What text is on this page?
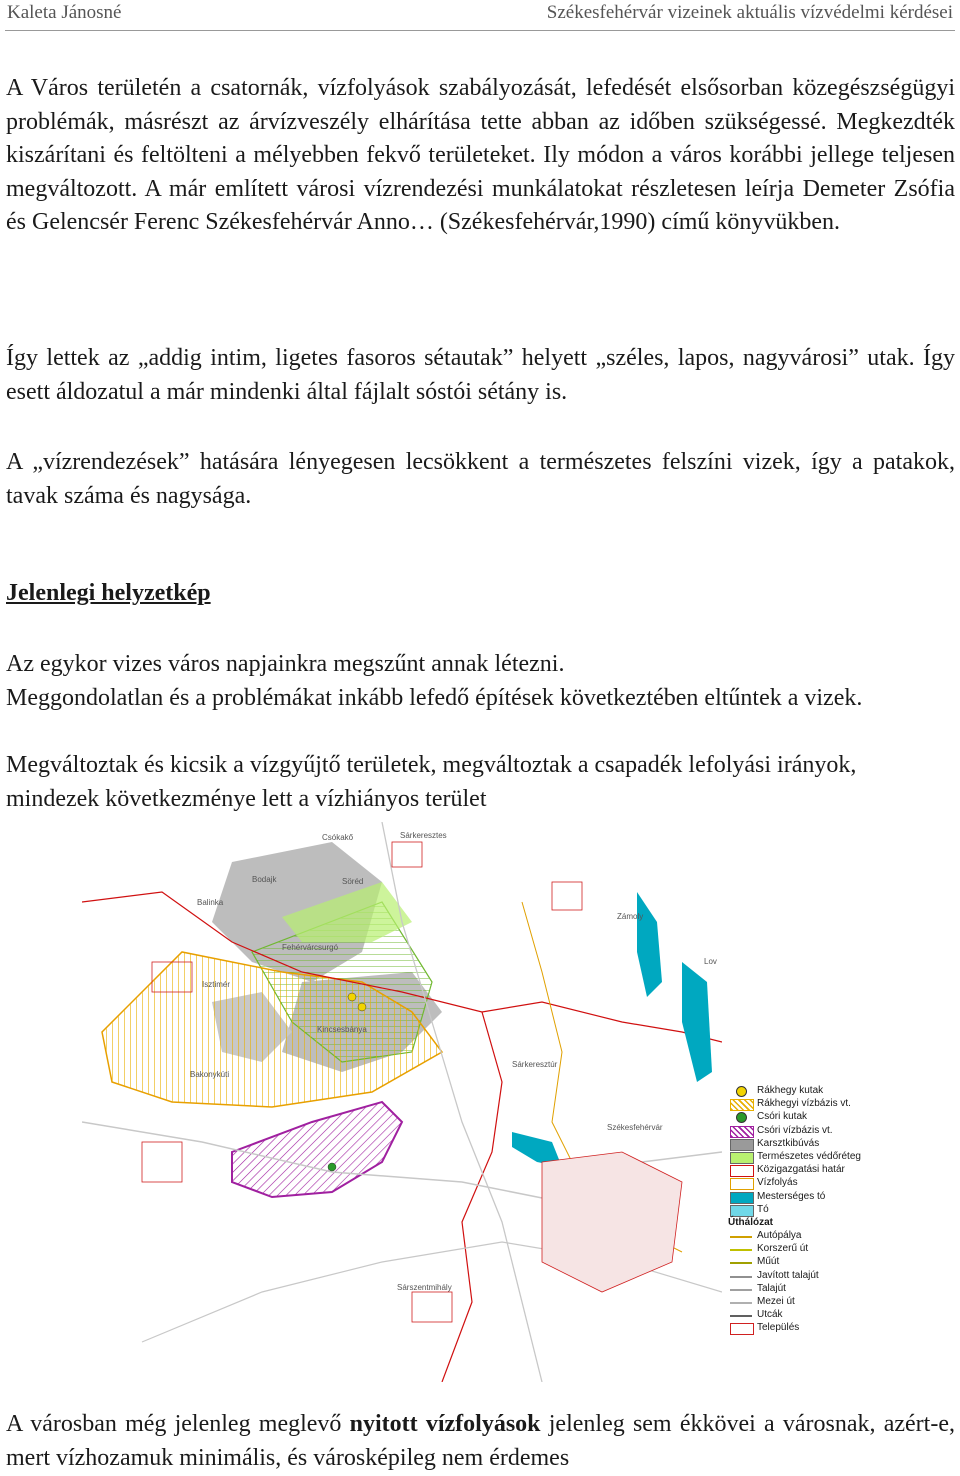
Kaleta Jánosné	Székesfehérvár vizeinek aktuális vízvédelmi kérdései

A Város területén a csatornák, vízfolyások szabályozását, lefedését elsősorban közegészségügyi problémák, másrészt az árvízveszély elhárítása tette abban az időben szükségessé. Megkezdték kiszárítani és feltölteni a mélyebben fekvő területeket. Ily módon a város korábbi jellege teljesen megváltozott. A már említett városi vízrendezési munkálatokat részletesen leírja Demeter Zsófia és Gelencsér Ferenc Székesfehérvár Anno… (Székesfehérvár,1990) című könyvükben.

Így lettek az „addig intim, ligetes fasoros sétautak” helyett „széles, lapos, nagyvárosi” utak. Így esett áldozatul a már mindenki által fájlalt sóstói sétány is.

A „vízrendezések” hatására lényegesen lecsökkent a természetes felszíni vizek, így a patakok, tavak száma és nagysága.

Jelenlegi helyzetkép

Az egykor vizes város napjainkra megszűnt annak létezni.

Meggondolatlan és a problémákat inkább lefedő építések következtében eltűntek a vizek.

Megváltoztak és kicsik a vízgyűjtő területek, megváltoztak a csapadék lefolyási irányok, mindezek következménye lett a vízhiányos terület

Csókakő	Sárkeresztes
Bodajk	Söréd
Balinka
Zámoly
Fehérvárcsurgó
Isztimér
Kincsesbánya
Bakonykúti
Sárkeresztúr
Székesfehérvár
Sárszentmihály
Lov
Rákhegy kutak
Rákhegyi vízbázis vt.
Csóri kutak
Csóri vízbázis vt.
Karsztkibúvás
Természetes védőréteg
Közigazgatási határ
Vízfolyás
Mesterséges tó
Tó
Úthálózat
Autópálya
Korszerű út
Műút
Javított talajút
Talajút
Mezei út
Utcák
Település

A városban még jelenleg meglevő nyitott vízfolyások jelenleg sem ékkövei a városnak, azért-e, mert vízhozamuk minimális, és városképileg nem érdemes
